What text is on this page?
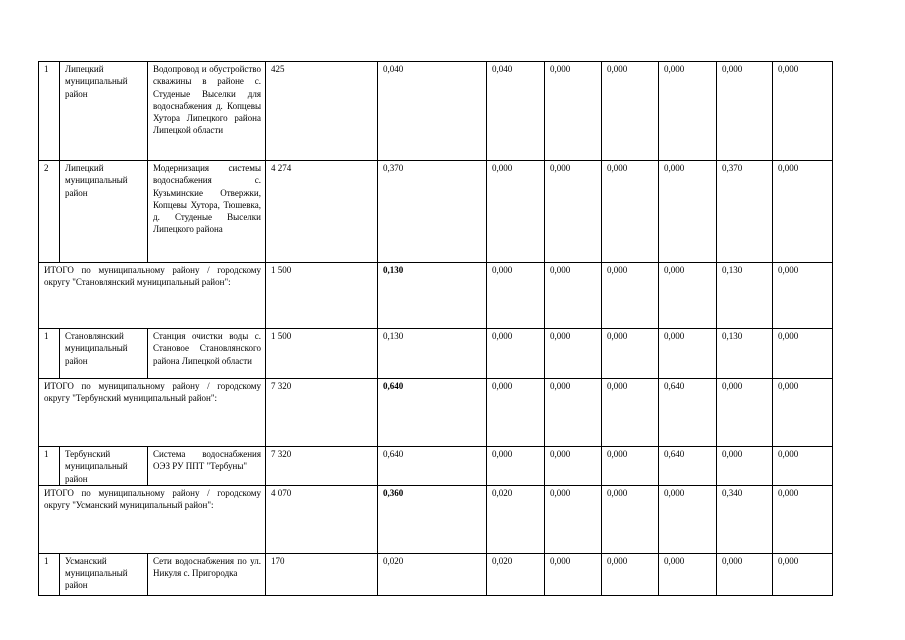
1	Липецкий муниципальный район	Водопровод и обустройство скважины в районе с. Студеные Выселки для водоснабжения д. Копцевы Хутора Липецкого района Липецкой области	425	0,040	0,040	0,000	0,000	0,000	0,000	0,000
2	Липецкий муниципальный район	Модернизация системы водоснабжения с. Кузьминские Отвержки, Копцевы Хутора, Тюшевка, д. Студеные Выселки Липецкого района	4 274	0,370	0,000	0,000	0,000	0,000	0,370	0,000
ИТОГО по муниципальному району / городскому округу "Становлянский муниципальный район":			1 500	0,130	0,000	0,000	0,000	0,000	0,130	0,000
1	Становлянский муниципальный район	Станция очистки воды с. Становое Становлянского района Липецкой области	1 500	0,130	0,000	0,000	0,000	0,000	0,130	0,000
ИТОГО по муниципальному району / городскому округу "Тербунский муниципальный район":			7 320	0,640	0,000	0,000	0,000	0,640	0,000	0,000
1	Тербунский муниципальный район	Система водоснабжения ОЭЗ РУ ППТ "Тербуны"	7 320	0,640	0,000	0,000	0,000	0,640	0,000	0,000
ИТОГО по муниципальному району / городскому округу "Усманский муниципальный район":			4 070	0,360	0,020	0,000	0,000	0,000	0,340	0,000
1	Усманский муниципальный район	Сети водоснабжения по ул. Никуля с. Пригородка	170	0,020	0,020	0,000	0,000	0,000	0,000	0,000
